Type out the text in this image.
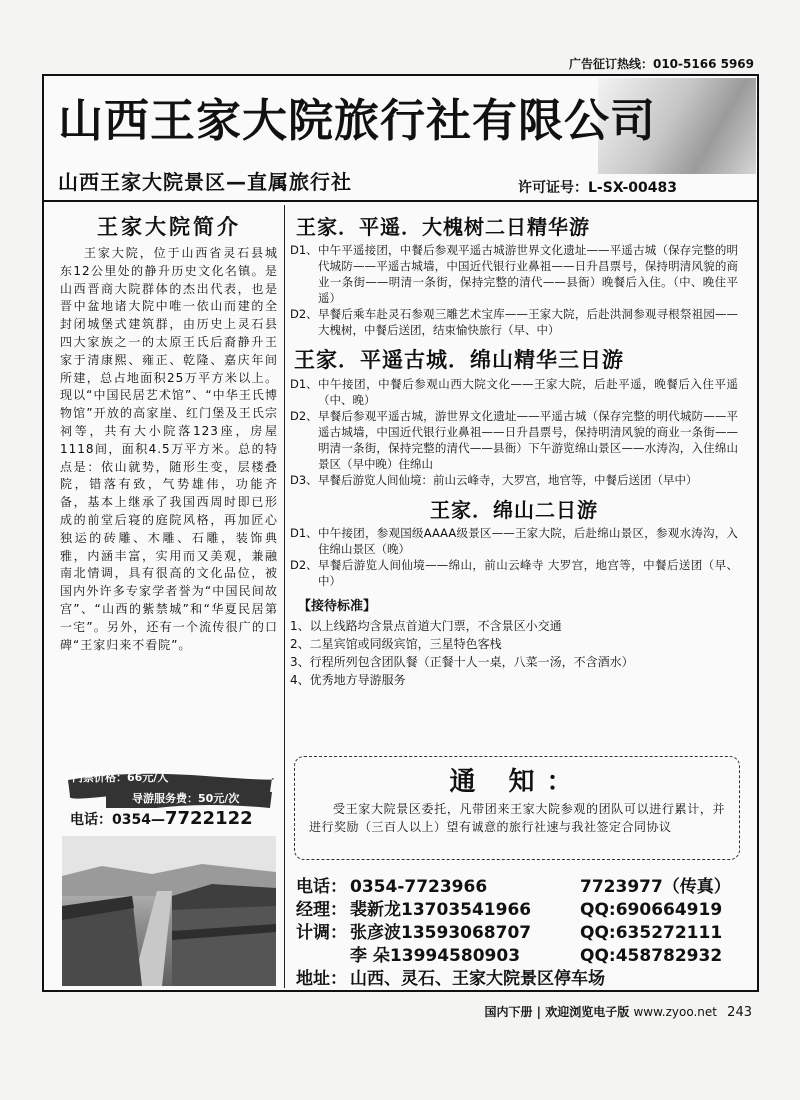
广告征订热线：010-5166 5969
山西王家大院旅行社有限公司
山西王家大院景区—直属旅行社	许可证号：L-SX-00483
王家大院简介

王家大院，位于山西省灵石县城东12公里处的静升历史文化名镇。是山西晋商大院群体的杰出代表，也是晋中盆地诸大院中唯一依山而建的全封闭城堡式建筑群，由历史上灵石县四大家族之一的太原王氏后裔静升王家于清康熙、雍正、乾隆、嘉庆年间所建，总占地面积25万平方米以上。现以“中国民居艺术馆”、“中华王氏博物馆”开放的高家崖、红门堡及王氏宗祠等，共有大小院落123座，房屋1118间，面积4.5万平方米。总的特点是：依山就势，随形生变，层楼叠院，错落有致，气势雄伟，功能齐备，基本上继承了我国西周时即已形成的前堂后寝的庭院风格，再加匠心独运的砖雕、木雕、石雕，装饰典雅，内涵丰富，实用而又美观，兼融南北情调，具有很高的文化品位，被国内外许多专家学者誉为“中国民间故宫”、“山西的紫禁城”和“华夏民居第一宅”。另外，还有一个流传很广的口碑“王家归来不看院”。

门票价格：66元/人
导游服务费：50元/次
电话：0354—7722122
王家．平遥．大槐树二日精华游
D1、 中午平遥接团，中餐后参观平遥古城游世界文化遗址——平遥古城（保存完整的明代城防——平遥古城墙，中国近代银行业鼻祖——日升昌票号，保持明清风貌的商业一条街——明清一条街，保持完整的清代——县衙）晚餐后入住。（中、晚住平遥）
D2、 早餐后乘车赴灵石参观三雕艺术宝库——王家大院，后赴洪洞参观寻根祭祖园——大槐树，中餐后送团，结束愉快旅行（早、中）
王家．平遥古城．绵山精华三日游
D1、 中午接团，中餐后参观山西大院文化——王家大院，后赴平遥，晚餐后入住平遥（中、晚）
D2、 早餐后参观平遥古城，游世界文化遗址——平遥古城（保存完整的明代城防——平遥古城墙，中国近代银行业鼻祖——日升昌票号，保持明清风貌的商业一条街——明清一条街，保持完整的清代——县衙）下午游览绵山景区——水涛沟，入住绵山景区（早中晚）住绵山
D3、 早餐后游览人间仙境：前山云峰寺，大罗宫，地官等，中餐后送团（早中）
王家．绵山二日游
D1、 中午接团，参观国级AAAA级景区——王家大院，后赴绵山景区，参观水涛沟，入住绵山景区（晚）
D2、 早餐后游览人间仙境——绵山，前山云峰寺 大罗宫，地宫等，中餐后送团（早、中）
【接待标准】

1、以上线路均含景点首道大门票，不含景区小交通

2、二星宾馆或同级宾馆，三星特色客栈

3、行程所列包含团队餐（正餐十人一桌，八菜一汤，不含酒水）

4、优秀地方导游服务

通 知：

受王家大院景区委托，凡带团来王家大院参观的团队可以进行累计，并进行奖励（三百人以上）望有诚意的旅行社速与我社签定合同协议

电话： 0354-7723966	7723977（传真）
经理： 裴新龙13703541966	QQ:690664919
计调： 张彦波13593068707	QQ:635272111
李 朵13994580903	QQ:458782932
地址： 山西、灵石、王家大院景区停车场
国内下册 | 欢迎浏览电子版 www.zyoo.net 243
